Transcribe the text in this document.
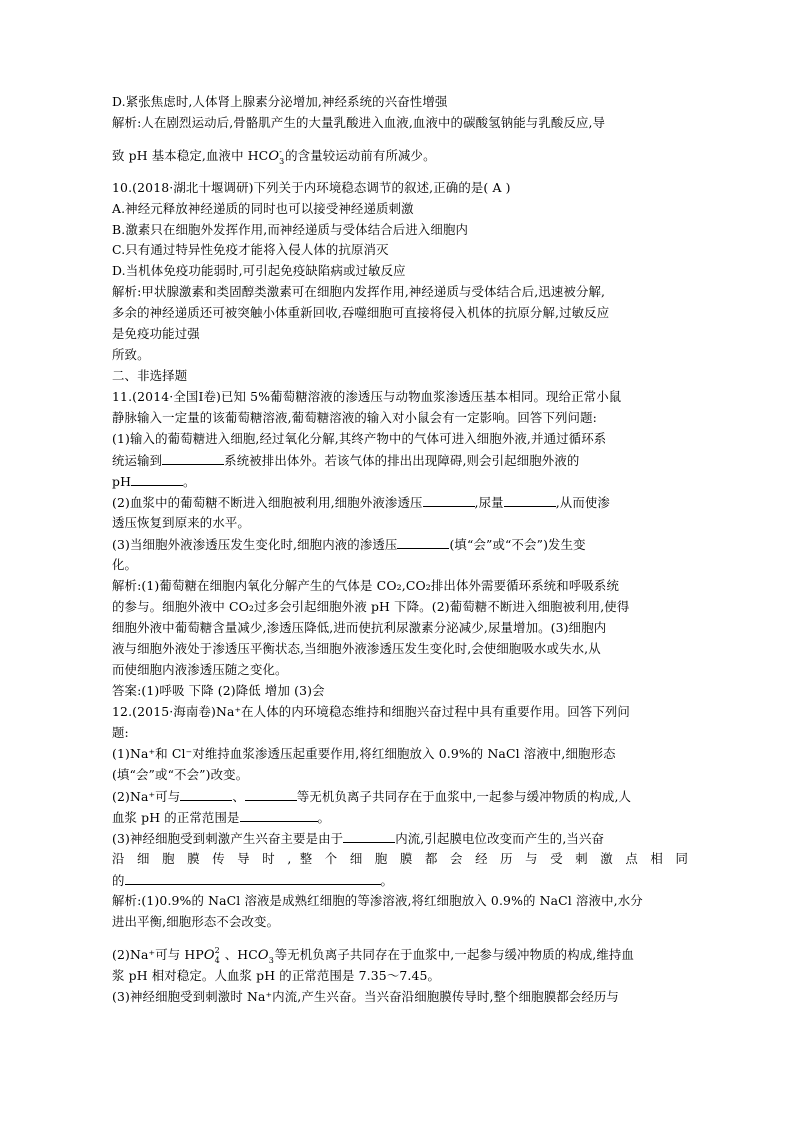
D.紧张焦虑时,人体肾上腺素分泌增加,神经系统的兴奋性增强
解析:人在剧烈运动后,骨骼肌产生的大量乳酸进入血液,血液中的碳酸氢钠能与乳酸反应,导
致 pH 基本稳定,血液中 HCO -
3 的含量较运动前有所减少。
10.(2018·湖北十堰调研)下列关于内环境稳态调节的叙述,正确的是( A )
A.神经元释放神经递质的同时也可以接受神经递质刺激
B.激素只在细胞外发挥作用,而神经递质与受体结合后进入细胞内
C.只有通过特异性免疫才能将入侵人体的抗原消灭
D.当机体免疫功能弱时,可引起免疫缺陷病或过敏反应
解析:甲状腺激素和类固醇类激素可在细胞内发挥作用,神经递质与受体结合后,迅速被分解,
多余的神经递质还可被突触小体重新回收,吞噬细胞可直接将侵入机体的抗原分解,过敏反应
是免疫功能过强
所致。
二、非选择题
11.(2014·全国Ⅰ卷)已知 5%葡萄糖溶液的渗透压与动物血浆渗透压基本相同。现给正常小鼠
静脉输入一定量的该葡萄糖溶液,葡萄糖溶液的输入对小鼠会有一定影响。回答下列问题:
(1)输入的葡萄糖进入细胞,经过氧化分解,其终产物中的气体可进入细胞外液,并通过循环系
统运输到	系统被排出体外。若该气体的排出出现障碍,则会引起细胞外液的
pH	。
(2)血浆中的葡萄糖不断进入细胞被利用,细胞外液渗透压	,尿量	,从而使渗
透压恢复到原来的水平。
(3)当细胞外液渗透压发生变化时,细胞内液的渗透压	(填“会”或“不会”)发生变
化。
解析:(1)葡萄糖在细胞内氧化分解产生的气体是 CO₂,CO₂排出体外需要循环系统和呼吸系统
的参与。细胞外液中 CO₂过多会引起细胞外液 pH 下降。(2)葡萄糖不断进入细胞被利用,使得
细胞外液中葡萄糖含量减少,渗透压降低,进而使抗利尿激素分泌减少,尿量增加。(3)细胞内
液与细胞外液处于渗透压平衡状态,当细胞外液渗透压发生变化时,会使细胞吸水或失水,从
而使细胞内液渗透压随之变化。
答案:(1)呼吸 下降 (2)降低 增加 (3)会
12.(2015·海南卷)Na⁺在人体的内环境稳态维持和细胞兴奋过程中具有重要作用。回答下列问
题:
(1)Na⁺和 Cl⁻对维持血浆渗透压起重要作用,将红细胞放入 0.9%的 NaCl 溶液中,细胞形态
(填“会”或“不会”)改变。
(2)Na⁺可与	、	等无机负离子共同存在于血浆中,一起参与缓冲物质的构成,人
血浆 pH 的正常范围是	。
(3)神经细胞受到刺激产生兴奋主要是由于	内流,引起膜电位改变而产生的,当兴奋
沿 细 胞 膜 传 导 时 , 整 个 细 胞 膜 都 会 经 历 与 受 刺 激 点 相 同
的	。
解析:(1)0.9%的 NaCl 溶液是成熟红细胞的等渗溶液,将红细胞放入 0.9%的 NaCl 溶液中,水分
进出平衡,细胞形态不会改变。
(2)Na⁺可与 HPO 2
4 、HCO 3 等无机负离子共同存在于血浆中,一起参与缓冲物质的构成,维持血
浆 pH 相对稳定。人血浆 pH 的正常范围是 7.35～7.45。
(3)神经细胞受到刺激时 Na⁺内流,产生兴奋。当兴奋沿细胞膜传导时,整个细胞膜都会经历与
